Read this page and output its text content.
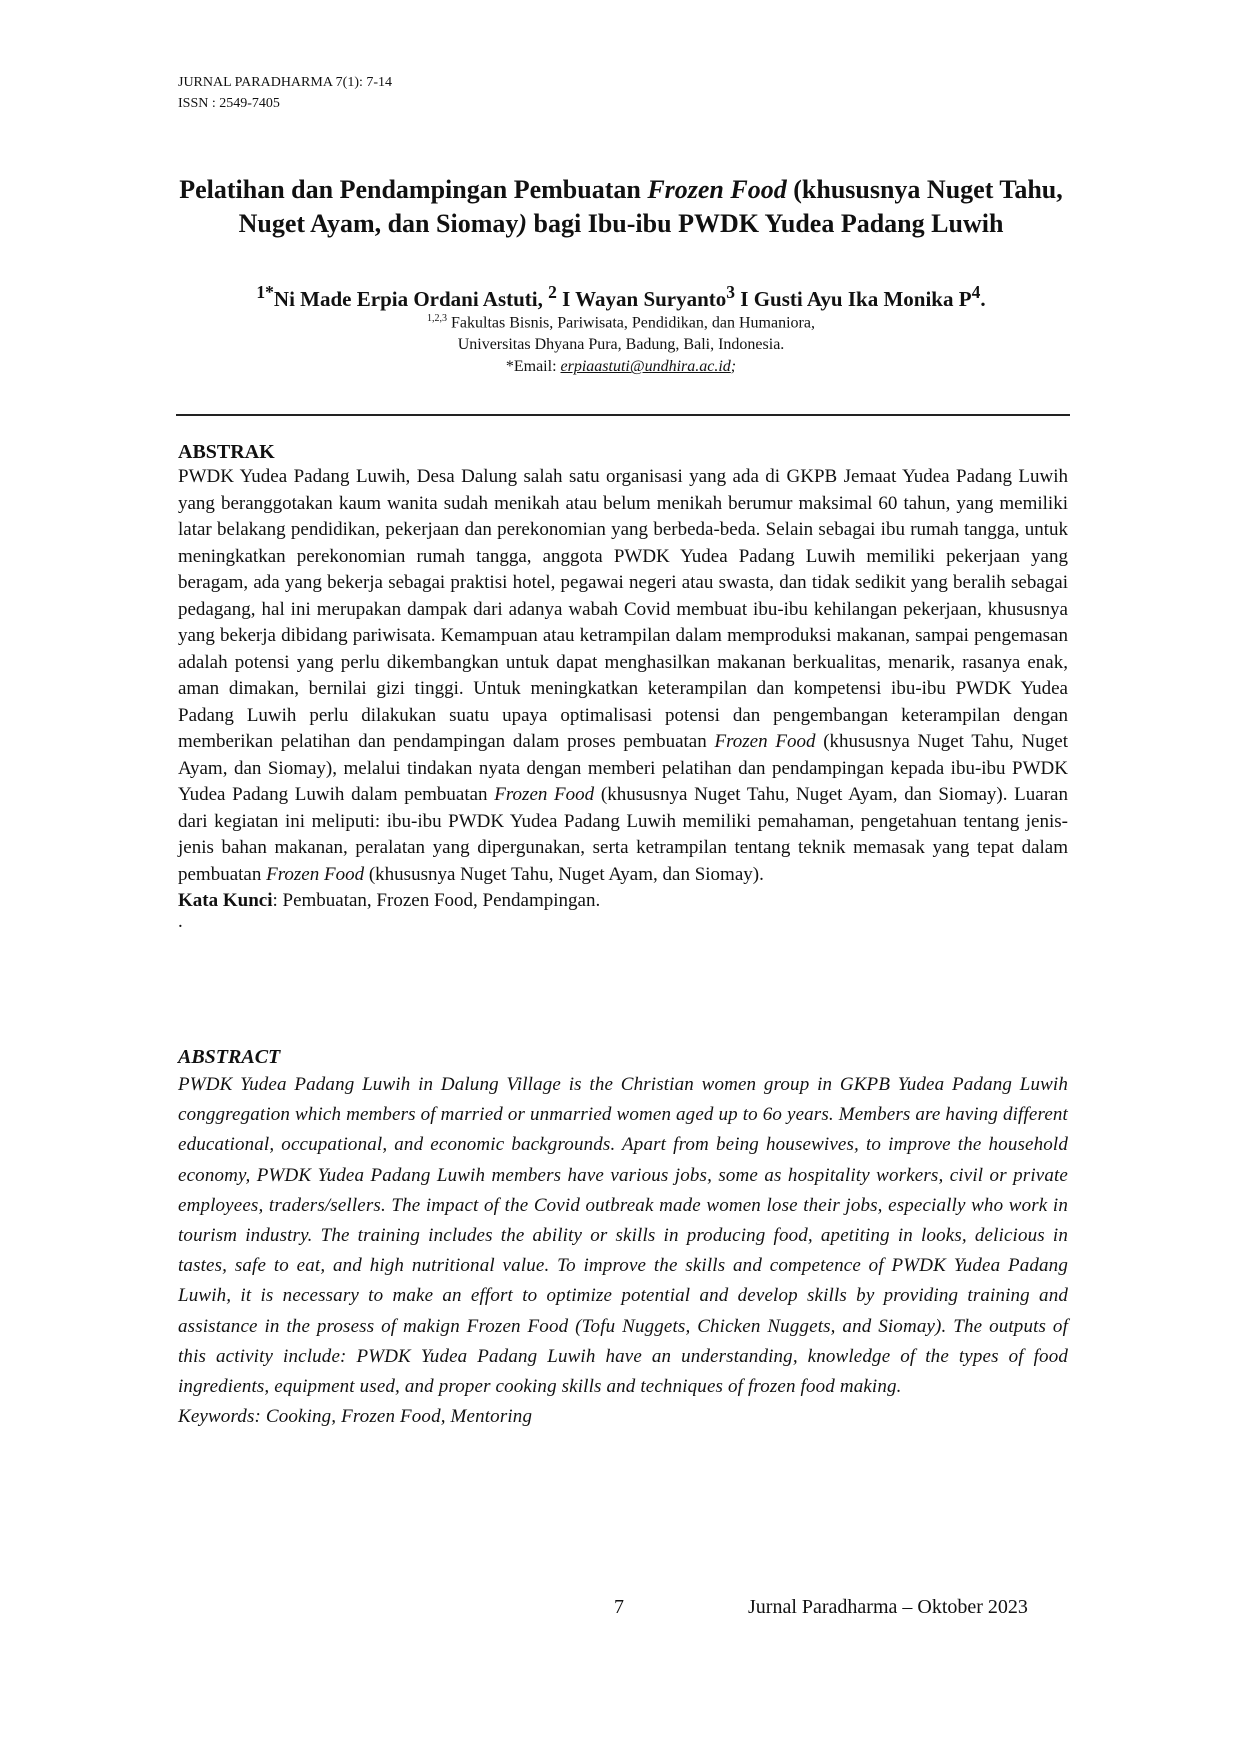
JURNAL PARADHARMA 7(1): 7-14
ISSN : 2549-7405
Pelatihan dan Pendampingan Pembuatan Frozen Food (khususnya Nuget Tahu, Nuget Ayam, dan Siomay) bagi Ibu-ibu PWDK Yudea Padang Luwih
$^{1*}$Ni Made Erpia Ordani Astuti, $^2$ I Wayan Suryanto$^3$ I Gusti Ayu Ika Monika $P^4$.
$^{1,2,3}$ Fakultas Bisnis, Pariwisata, Pendidikan, dan Humaniora,
Universitas Dhyana Pura, Badung, Bali, Indonesia.
*Email: erpiaastuti@undhira.ac.id;
ABSTRAK

PWDK Yudea Padang Luwih, Desa Dalung salah satu organisasi yang ada di GKPB Jemaat Yudea Padang Luwih yang beranggotakan kaum wanita sudah menikah atau belum menikah berumur maksimal 60 tahun, yang memiliki latar belakang pendidikan, pekerjaan dan perekonomian yang berbeda-beda. Selain sebagai ibu rumah tangga, untuk meningkatkan perekonomian rumah tangga, anggota PWDK Yudea Padang Luwih memiliki pekerjaan yang beragam, ada yang bekerja sebagai praktisi hotel, pegawai negeri atau swasta, dan tidak sedikit yang beralih sebagai pedagang, hal ini merupakan dampak dari adanya wabah Covid membuat ibu-ibu kehilangan pekerjaan, khususnya yang bekerja dibidang pariwisata. Kemampuan atau ketrampilan dalam memproduksi makanan, sampai pengemasan adalah potensi yang perlu dikembangkan untuk dapat menghasilkan makanan berkualitas, menarik, rasanya enak, aman dimakan, bernilai gizi tinggi. Untuk meningkatkan keterampilan dan kompetensi ibu-ibu PWDK Yudea Padang Luwih perlu dilakukan suatu upaya optimalisasi potensi dan pengembangan keterampilan dengan memberikan pelatihan dan pendampingan dalam proses pembuatan Frozen Food (khususnya Nuget Tahu, Nuget Ayam, dan Siomay), melalui tindakan nyata dengan memberi pelatihan dan pendampingan kepada ibu-ibu PWDK Yudea Padang Luwih dalam pembuatan Frozen Food (khususnya Nuget Tahu, Nuget Ayam, dan Siomay). Luaran dari kegiatan ini meliputi: ibu-ibu PWDK Yudea Padang Luwih memiliki pemahaman, pengetahuan tentang jenis-jenis bahan makanan, peralatan yang dipergunakan, serta ketrampilan tentang teknik memasak yang tepat dalam pembuatan Frozen Food (khususnya Nuget Tahu, Nuget Ayam, dan Siomay).

Kata Kunci: Pembuatan, Frozen Food, Pendampingan.

.
ABSTRACT

PWDK Yudea Padang Luwih in Dalung Village is the Christian women group in GKPB Yudea Padang Luwih conggregation which members of married or unmarried women aged up to 6o years. Members are having different educational, occupational, and economic backgrounds. Apart from being housewives, to improve the household economy, PWDK Yudea Padang Luwih members have various jobs, some as hospitality workers, civil or private employees, traders/sellers. The impact of the Covid outbreak made women lose their jobs, especially who work in tourism industry. The training includes the ability or skills in producing food, apetiting in looks, delicious in tastes, safe to eat, and high nutritional value. To improve the skills and competence of PWDK Yudea Padang Luwih, it is necessary to make an effort to optimize potential and develop skills by providing training and assistance in the prosess of makign Frozen Food (Tofu Nuggets, Chicken Nuggets, and Siomay). The outputs of this activity include: PWDK Yudea Padang Luwih have an understanding, knowledge of the types of food ingredients, equipment used, and proper cooking skills and techniques of frozen food making.

Keywords: Cooking, Frozen Food, Mentoring

7	Jurnal Paradharma – Oktober 2023
